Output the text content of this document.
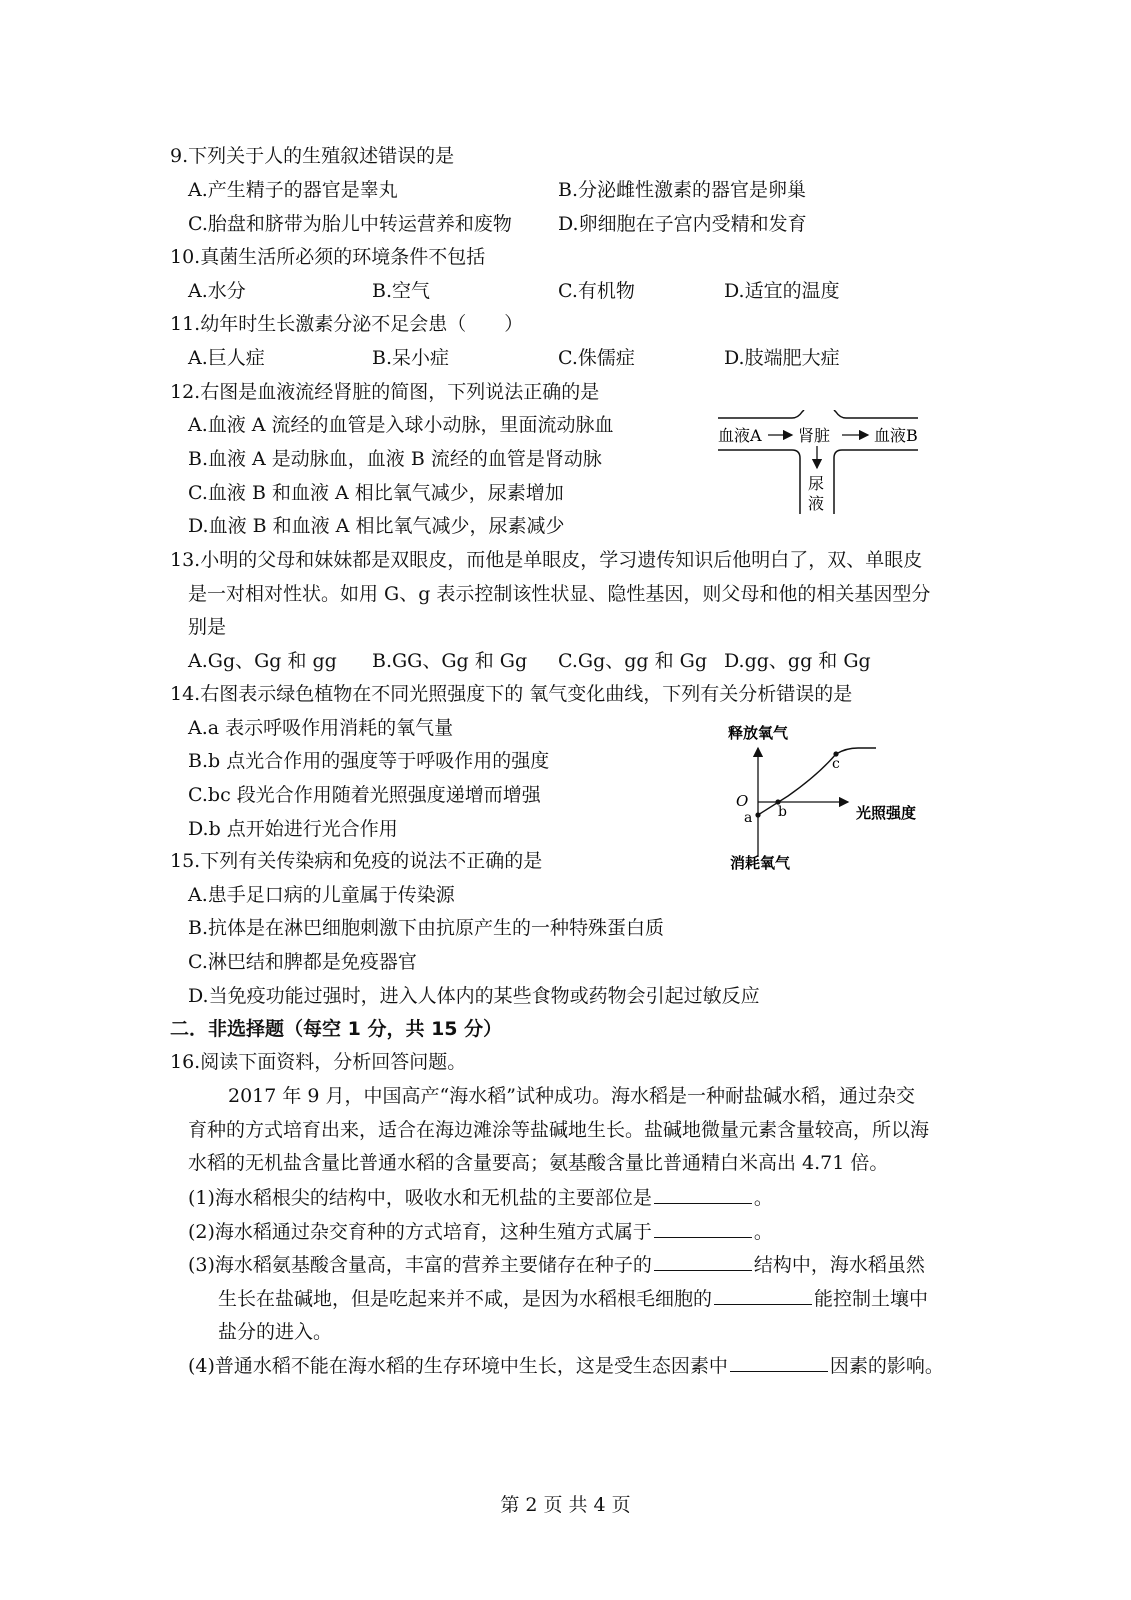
9.下列关于人的生殖叙述错误的是
A.产生精子的器官是睾丸	B.分泌雌性激素的器官是卵巢
C.胎盘和脐带为胎儿中转运营养和废物 D.卵细胞在子宫内受精和发育
10.真菌生活所必须的环境条件不包括
A.水分	B.空气	C.有机物	D.适宜的温度
11.幼年时生长激素分泌不足会患（　　）
A.巨人症	B.呆小症	C.侏儒症	D.肢端肥大症
12.右图是血液流经肾脏的简图，下列说法正确的是
A.血液 A 流经的血管是入球小动脉，里面流动脉血
B.血液 A 是动脉血，血液 B 流经的血管是肾动脉
C.血液 B 和血液 A 相比氧气减少，尿素增加
D.血液 B 和血液 A 相比氧气减少，尿素减少
血液A 肾脏	血液B
尿
液
13.小明的父母和妹妹都是双眼皮，而他是单眼皮，学习遗传知识后他明白了，双、单眼皮
是一对相对性状。如用 G、g 表示控制该性状显、隐性基因，则父母和他的相关基因型分
别是
A.Gg、Gg 和 gg B.GG、Gg 和 Gg C.Gg、gg 和 Gg D.gg、gg 和 Gg
14.右图表示绿色植物在不同光照强度下的 氧气变化曲线，下列有关分析错误的是
A.a 表示呼吸作用消耗的氧气量
B.b 点光合作用的强度等于呼吸作用的强度
C.bc 段光合作用随着光照强度递增而增强
D.b 点开始进行光合作用
释放氧气
O
光照强度
a b
c
消耗氧气
15.下列有关传染病和免疫的说法不正确的是
A.患手足口病的儿童属于传染源
B.抗体是在淋巴细胞刺激下由抗原产生的一种特殊蛋白质
C.淋巴结和脾都是免疫器官
D.当免疫功能过强时，进入人体内的某些食物或药物会引起过敏反应
二．非选择题（每空 1 分，共 15 分）
16.阅读下面资料，分析回答问题。
2017 年 9 月，中国高产“海水稻”试种成功。海水稻是一种耐盐碱水稻，通过杂交
育种的方式培育出来，适合在海边滩涂等盐碱地生长。盐碱地微量元素含量较高，所以海
水稻的无机盐含量比普通水稻的含量要高；氨基酸含量比普通精白米高出 4.71 倍。
(1)海水稻根尖的结构中，吸收水和无机盐的主要部位是	。
(2)海水稻通过杂交育种的方式培育，这种生殖方式属于	。
(3)海水稻氨基酸含量高，丰富的营养主要储存在种子的	结构中，海水稻虽然
生长在盐碱地，但是吃起来并不咸，是因为水稻根毛细胞的	能控制土壤中
盐分的进入。
(4)普通水稻不能在海水稻的生存环境中生长，这是受生态因素中	因素的影响。
第 2 页 共 4 页
